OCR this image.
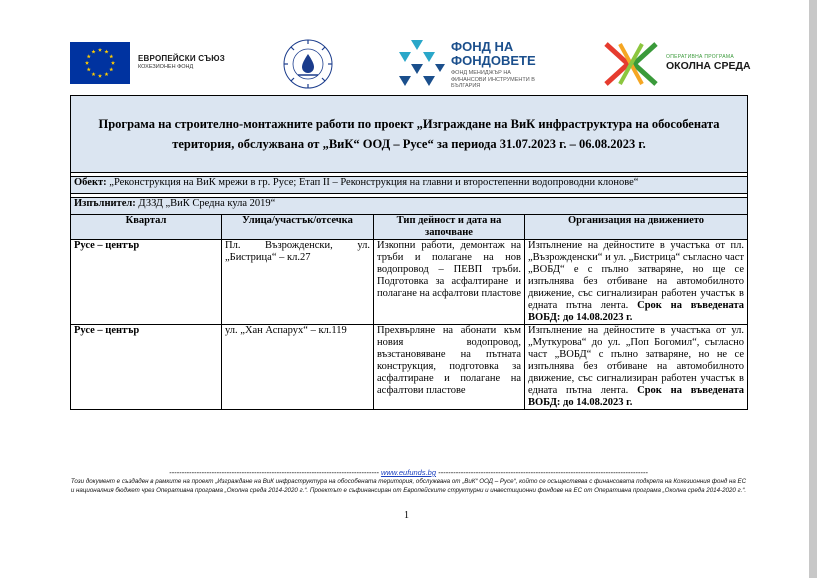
ЕВРОПЕЙСКИ СЪЮЗ
КОХЕЗИОНЕН ФОНД
ФОНД НА
ФОНДОВЕТЕ
ФОНД МЕНИДЖЪР НА ФИНАНСОВИ ИНСТРУМЕНТИ В БЪЛГАРИЯ
ОПЕРАТИВНА ПРОГРАМА
ОКОЛНА СРЕДА
Програма на строително-монтажните работи по проект „Изграждане на ВиК инфраструктура на обособената територия, обслужвана от „ВиК“ ООД – Русе“ за периода 31.07.2023 г. – 06.08.2023 г.			

Обект: „Реконструкция на ВиК мрежи в гр. Русе; Етап II – Реконструкция на главни и второстепенни водопроводни клонове“			

Изпълнител: ДЗЗД „ВиК Средна кула 2019“			
Квартал	Улица/участък/отсечка	Тип дейност и дата на започване	Организация на движението
Русе – център	Пл. Възрожденски, ул. „Бистрица“ – кл.27	Изкопни работи, демонтаж на тръби и полагане на нов водопровод – ПЕВП тръби. Подготовка за асфалтиране и полагане на асфалтови пластове	Изпълнение на дейностите в участъка от пл. „Възрожденски“ и ул. „Бистрица“ съгласно част „ВОБД“ е с пълно затваряне, но ще се изпълнява без отбиване на автомобилното движение, със сигнализиран работен участък в едната пътна лента. Срок на въведената ВОБД: до 14.08.2023 г.
Русе – център	ул. „Хан Аспарух“ – кл.119	Прехвърляне на абонати към новия водопровод, възстановяване на пътната конструкция, подготовка за асфалтиране и полагане на асфалтови пластове	Изпълнение на дейностите в участъка от ул. „Муткурова“ до ул. „Поп Богомил“, съгласно част „ВОБД“ с пълно затваряне, но не се изпълнява без отбиване на автомобилното движение, със сигнализиран работен участък в едната пътна лента. Срок на въведената ВОБД: до 14.08.2023 г.
------------------------------------------------------------------------------------ www.eufunds.bg ------------------------------------------------------------------------------------
Този документ е създаден в рамките на проект „Изграждане на ВиК инфраструктура на обособената територия, обслужвана от „ВиК“ ООД – Русе“, който се осъществява с финансовата подкрепа на Кохезионния фонд на ЕС и националния бюджет чрез Оперативна програма „Околна среда 2014-2020 г.“. Проектът е съфинансиран от Европейските структурни и инвестиционни фондове на ЕС от Оперативна програма „Околна среда 2014-2020 г.“.
1
